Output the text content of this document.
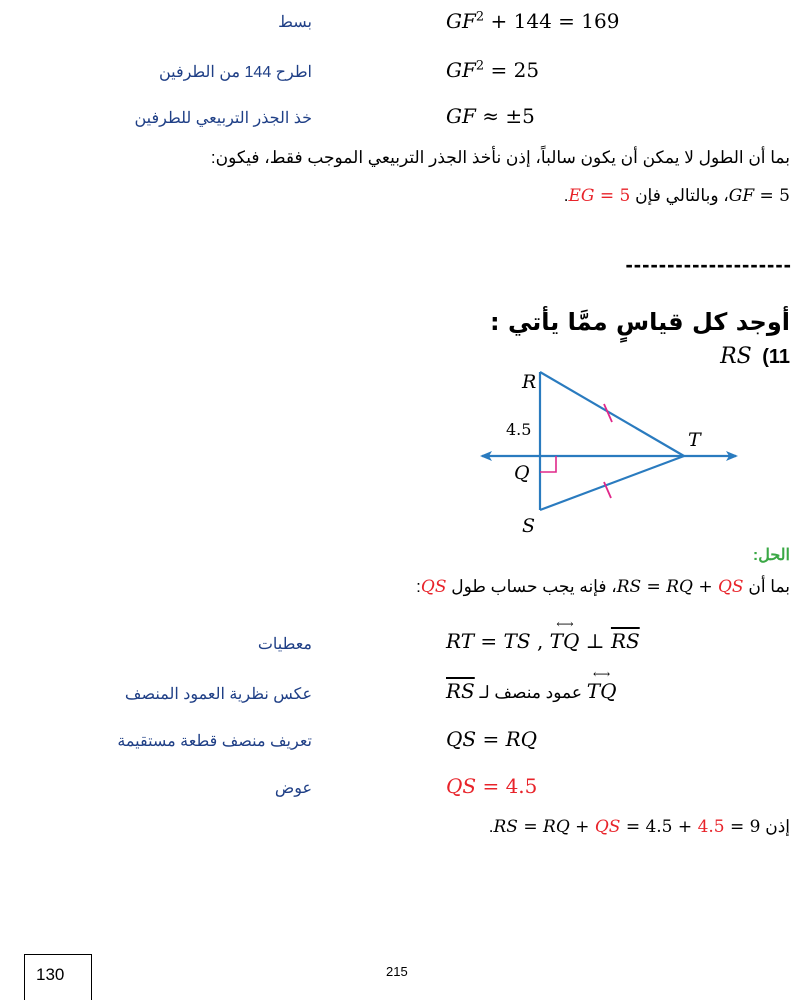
بسط	$GF^2 + 144 = 169$
اطرح 144 من الطرفين	$GF^2 = 25$
خذ الجذر التربيعي للطرفين	GF ≈ ±5
بما أن الطول لا يمكن أن يكون سالباً، إذن نأخذ الجذر التربيعي الموجب فقط، فيكون:
GF = 5، وبالتالي فإن EG = 5.
--------------------
أوجد كل قياسٍ ممَّا يأتي :
RS 11)
R
4.5
Q
S
T
الحل:
بما أن RS = RQ + QS، فإنه يجب حساب طول QS:
معطيات	RT = TS , TQ
⟷
⊥ $\overline{RS}$
عكس نظرية العمود المنصف	TQ
⟷
عمود منصف لـ RS
تعريف منصف قطعة مستقيمة	QS = RQ
عوض	QS = 4.5
إذن RS = RQ + QS = 4.5 + 4.5 = 9.
215
130
